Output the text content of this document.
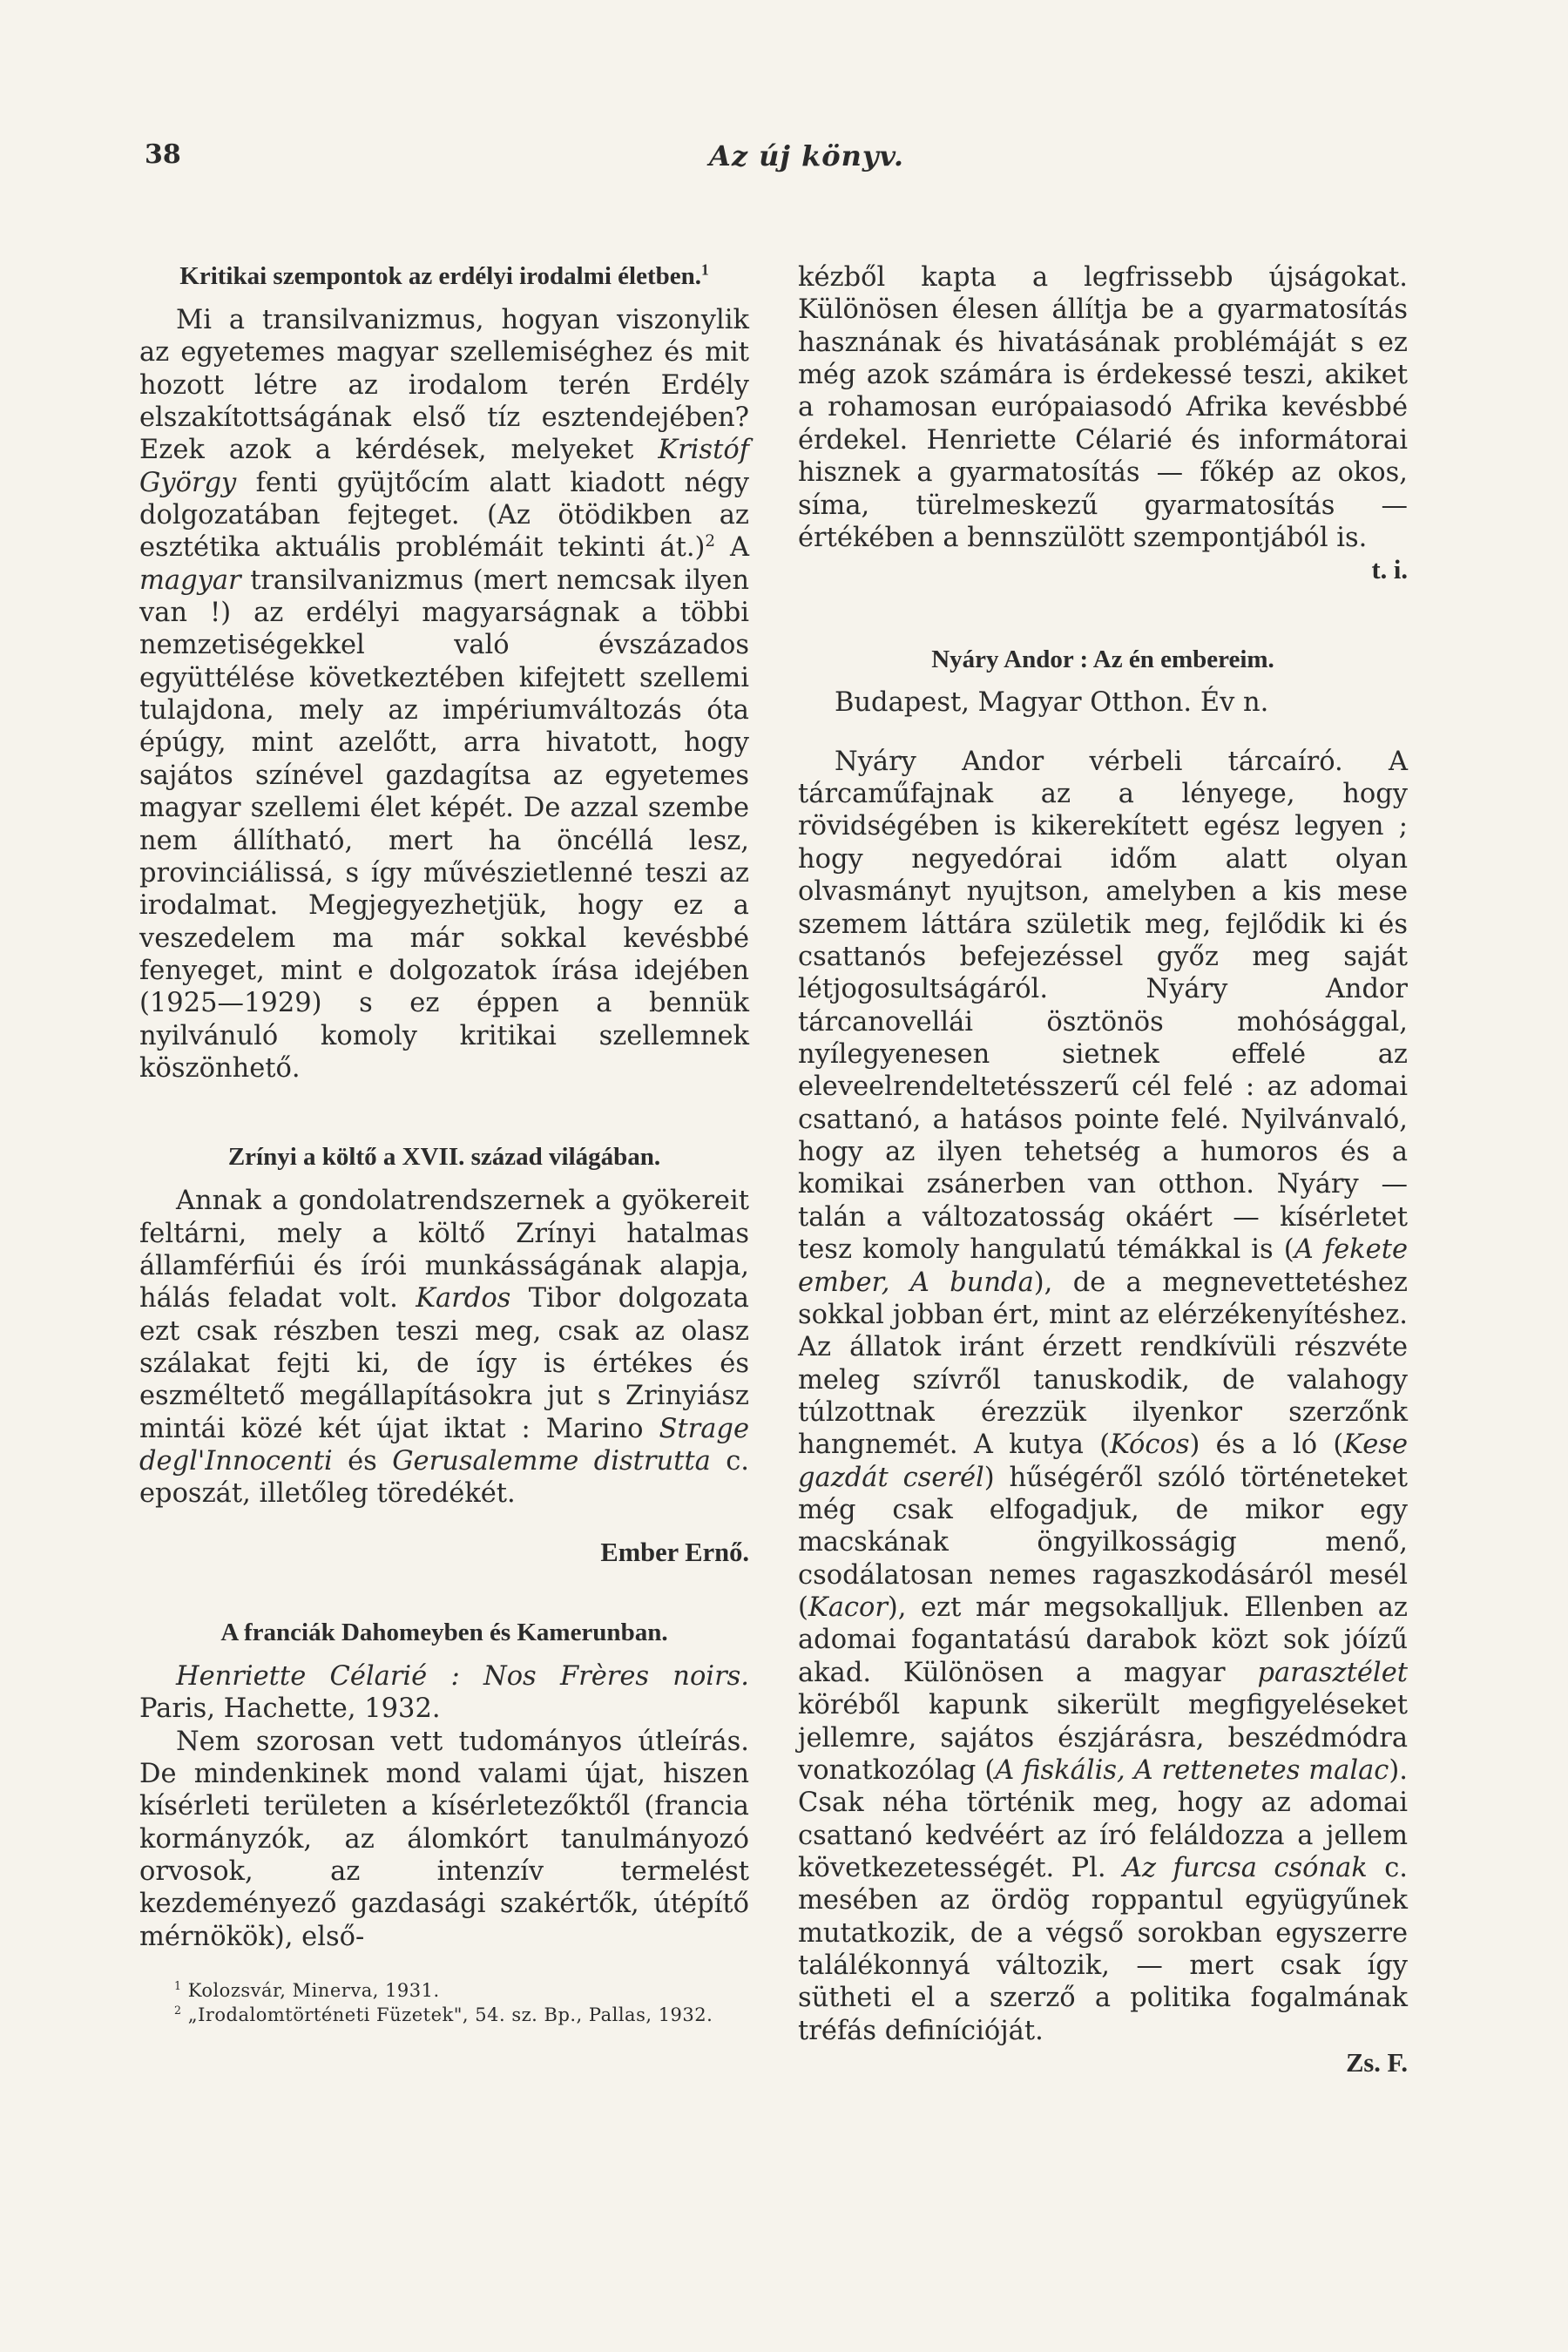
38	Az új könyv.
Kritikai szempontok az erdélyi irodalmi életben.$^1$

Mi a transilvanizmus, hogyan viszonylik az egyetemes magyar szellemiséghez és mit hozott létre az irodalom terén Erdély elszakítottságának első tíz esztendejében? Ezek azok a kérdések, melyeket Kristóf György fenti gyüjtőcím alatt kiadott négy dolgozatában fejteget. (Az ötödikben az esztétika aktuális problémáit tekinti át.)$^2$ A magyar transilvanizmus (mert nemcsak ilyen van !) az erdélyi magyarságnak a többi nemzetiségekkel való évszázados együttélése következtében kifejtett szellemi tulajdona, mely az impériumváltozás óta épúgy, mint azelőtt, arra hivatott, hogy sajátos színével gazdagítsa az egyetemes magyar szellemi élet képét. De azzal szembe nem állítható, mert ha öncéllá lesz, provinciálissá, s így művészietlenné teszi az irodalmat. Megjegyezhetjük, hogy ez a veszedelem ma már sokkal kevésbbé fenyeget, mint e dolgozatok írása idejében (1925—1929) s ez éppen a bennük nyilvánuló komoly kritikai szellemnek köszönhető.

Zrínyi a költő a XVII. század világában.

Annak a gondolatrendszernek a gyökereit feltárni, mely a költő Zrínyi hatalmas államférfiúi és írói munkásságának alapja, hálás feladat volt. Kardos Tibor dolgozata ezt csak részben teszi meg, csak az olasz szálakat fejti ki, de így is értékes és eszméltető megállapításokra jut s Zrinyiász mintái közé két újat iktat : Marino Strage degl'Innocenti és Gerusalemme distrutta c. eposzát, illetőleg töredékét.

Ember Ernő.
A franciák Dahomeyben és Kamerunban.

Henriette Célarié : Nos Frères noirs. Paris, Hachette, 1932.

Nem szorosan vett tudományos útleírás. De mindenkinek mond valami újat, hiszen kísérleti területen a kísérletezőktől (francia kormányzók, az álomkórt tanulmányozó orvosok, az intenzív termelést kezdeményező gazdasági szakértők, útépítő mérnökök), első-

$^1$ Kolozsvár, Minerva, 1931.
$^2$ „Irodalomtörténeti Füzetek", 54. sz. Bp., Pallas, 1932.

kézből kapta a legfrissebb újságokat. Különösen élesen állítja be a gyarmatosítás hasznának és hivatásának problémáját s ez még azok számára is érdekessé teszi, akiket a rohamosan európaiasodó Afrika kevésbbé érdekel. Henriette Célarié és informátorai hisznek a gyarmatosítás — főkép az okos, síma, türelmeskezű gyarmatosítás — értékében a bennszülött szempontjából is.

t. i.
Nyáry Andor : Az én embereim.

Budapest, Magyar Otthon. Év n.

Nyáry Andor vérbeli tárcaíró. A tárcaműfajnak az a lényege, hogy rövidségében is kikerekített egész legyen ; hogy negyedórai időm alatt olyan olvasmányt nyujtson, amelyben a kis mese szemem láttára születik meg, fejlődik ki és csattanós befejezéssel győz meg saját létjogosultságáról. Nyáry Andor tárcanovellái ösztönös mohósággal, nyílegyenesen sietnek effelé az eleveelrendeltetésszerű cél felé : az adomai csattanó, a hatásos pointe felé. Nyilvánvaló, hogy az ilyen tehetség a humoros és a komikai zsánerben van otthon. Nyáry — talán a változatosság okáért — kísérletet tesz komoly hangulatú témákkal is (A fekete ember, A bunda), de a megnevettetéshez sokkal jobban ért, mint az elérzékenyítéshez. Az állatok iránt érzett rendkívüli részvéte meleg szívről tanuskodik, de valahogy túlzottnak érezzük ilyenkor szerzőnk hangnemét. A kutya (Kócos) és a ló (Kese gazdát cserél) hűségéről szóló történeteket még csak elfogadjuk, de mikor egy macskának öngyilkosságig menő, csodálatosan nemes ragaszkodásáról mesél (Kacor), ezt már megsokalljuk. Ellenben az adomai fogantatású darabok közt sok jóízű akad. Különösen a magyar parasztélet köréből kapunk sikerült megfigyeléseket jellemre, sajátos észjárásra, beszédmódra vonatkozólag (A fiskális, A rettenetes malac). Csak néha történik meg, hogy az adomai csattanó kedvéért az író feláldozza a jellem következetességét. Pl. Az furcsa csónak c. mesében az ördög roppantul együgyűnek mutatkozik, de a végső sorokban egyszerre találékonnyá változik, — mert csak így sütheti el a szerző a politika fogalmának tréfás definícióját.

Zs. F.
